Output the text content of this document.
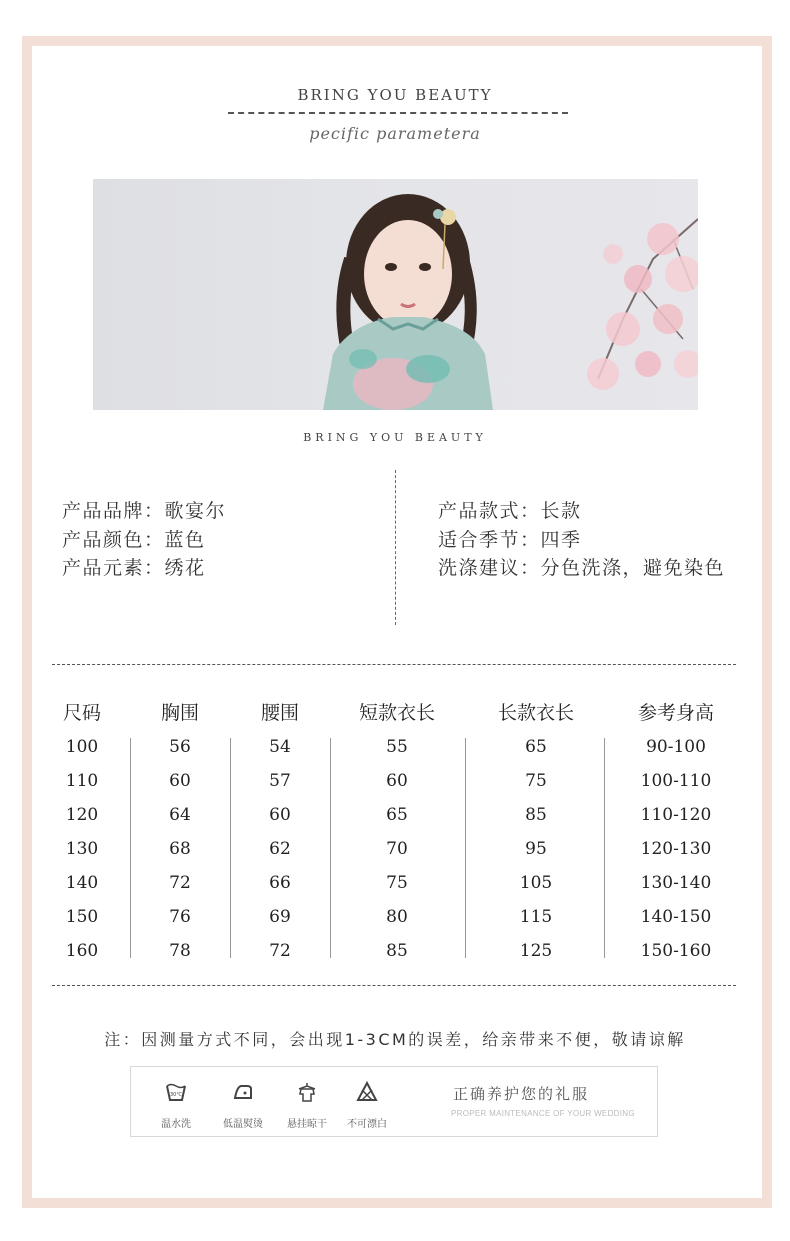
BRING YOU BEAUTY
pecific parametera
BRING YOU BEAUTY
产品品牌：歌宴尔
产品颜色：蓝色
产品元素：绣花
产品款式：长款
适合季节：四季
洗涤建议：分色洗涤，避免染色
尺码	胸围	腰围	短款衣长	长款衣长	参考身高
100	56	54	55	65	90-100
110	60	57	60	75	100-110
120	64	60	65	85	110-120
130	68	62	70	95	120-130
140	72	66	75	105	130-140
150	76	69	80	115	140-150
160	78	72	85	125	150-160
注：因测量方式不同，会出现1-3CM的误差，给亲带来不便，敬请谅解
30℃
温水洗	低温熨烫	悬挂晾干	不可漂白
正确养护您的礼服
PROPER MAINTENANCE OF YOUR WEDDING
